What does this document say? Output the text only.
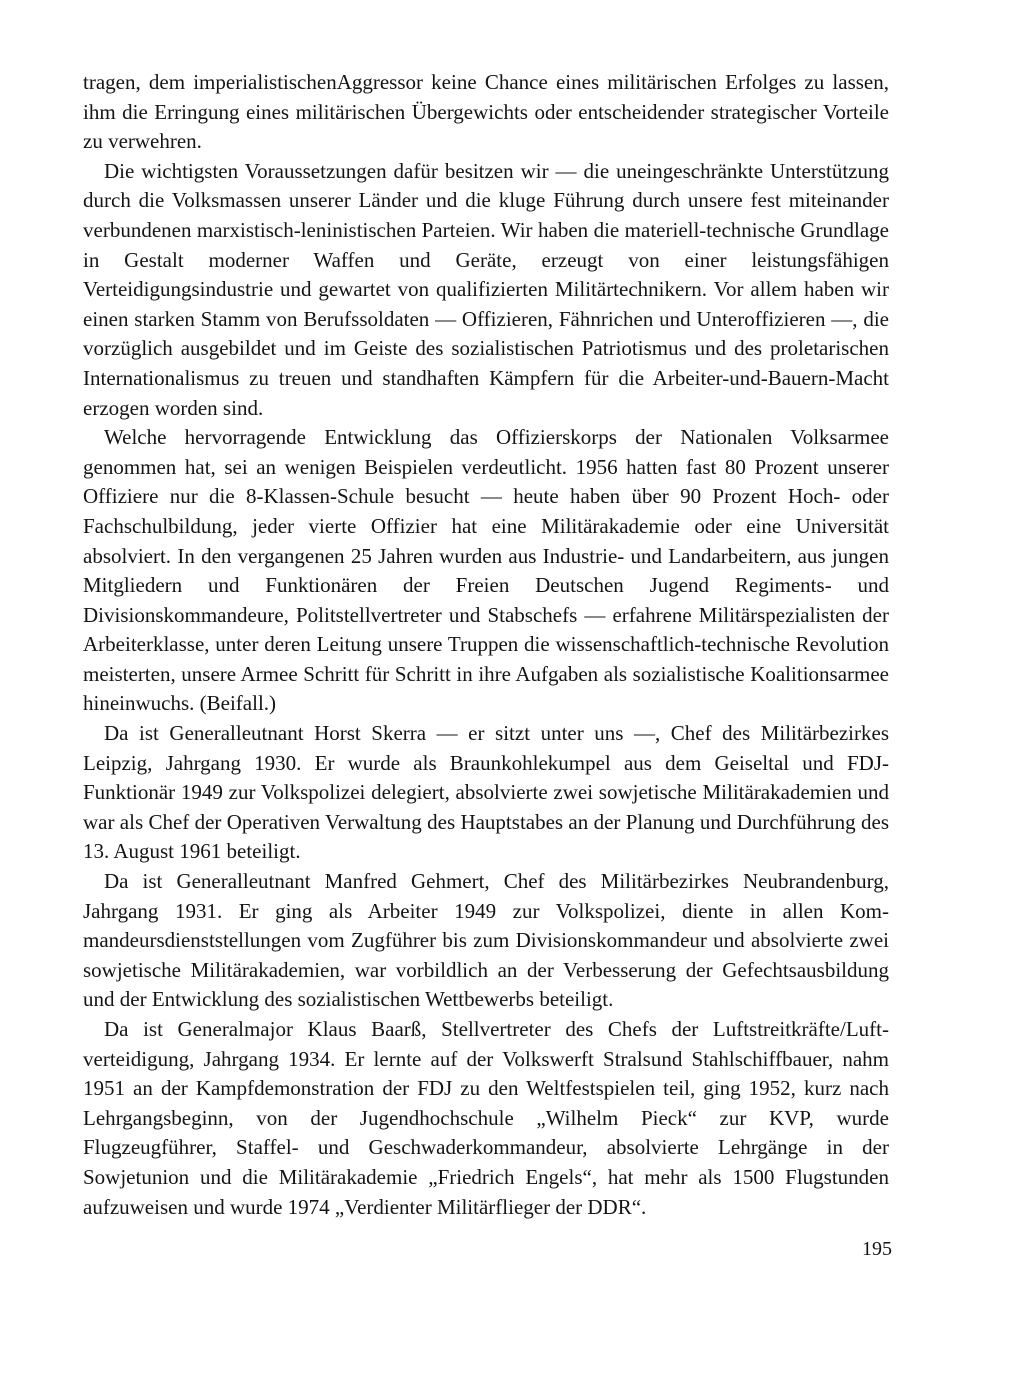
tragen, dem imperialistischenAggressor keine Chance eines militärischen Erfolges zu lassen, ihm die Erringung eines militärischen Übergewichts oder entscheidender strategischer Vorteile zu verwehren.

Die wichtigsten Voraussetzungen dafür besitzen wir — die uneingeschränkte Unterstützung durch die Volksmassen unserer Länder und die kluge Führung durch unsere fest miteinander verbundenen marxistisch-leninistischen Parteien. Wir haben die materiell-technische Grundlage in Gestalt moderner Waffen und Geräte, erzeugt von einer leistungsfähigen Verteidigungsindustrie und gewartet von qualifizierten Militärtechnikern. Vor allem haben wir einen starken Stamm von Berufssoldaten — Offizieren, Fähnrichen und Unteroffizieren —, die vorzüglich ausgebildet und im Geiste des sozialistischen Patriotismus und des proletarischen Internationalismus zu treuen und standhaften Kämpfern für die Arbeiter-und-Bauern-Macht erzogen worden sind.

Welche hervorragende Entwicklung das Offizierskorps der Nationalen Volksarmee genommen hat, sei an wenigen Beispielen verdeutlicht. 1956 hatten fast 80 Prozent unserer Offiziere nur die 8-Klassen-Schule besucht — heute haben über 90 Prozent Hoch- oder Fachschulbildung, jeder vierte Offizier hat eine Militärakademie oder eine Universität absolviert. In den vergangenen 25 Jahren wurden aus Industrie- und Landarbeitern, aus jungen Mitgliedern und Funktionären der Freien Deutschen Jugend Regiments- und Divisionskommandeure, Politstellvertreter und Stabschefs — erfahrene Militärspezialisten der Arbeiterklasse, unter deren Leitung unsere Truppen die wissenschaftlich-technische Revolution meisterten, unsere Armee Schritt für Schritt in ihre Aufgaben als sozialistische Koalitionsarmee hineinwuchs. (Beifall.)

Da ist Generalleutnant Horst Skerra — er sitzt unter uns —, Chef des Militärbezirkes Leipzig, Jahrgang 1930. Er wurde als Braunkohlekumpel aus dem Geiseltal und FDJ-Funktionär 1949 zur Volkspolizei delegiert, absolvierte zwei sowjetische Militärakademien und war als Chef der Operativen Verwaltung des Hauptstabes an der Planung und Durchführung des 13. August 1961 beteiligt.

Da ist Generalleutnant Manfred Gehmert, Chef des Militärbezirkes Neubrandenburg, Jahrgang 1931. Er ging als Arbeiter 1949 zur Volkspolizei, diente in allen Kommandeursdienststellungen vom Zugführer bis zum Divisionskommandeur und absolvierte zwei sowjetische Militärakademien, war vorbildlich an der Verbesserung der Gefechtsausbildung und der Entwicklung des sozialistischen Wettbewerbs beteiligt.

Da ist Generalmajor Klaus Baarß, Stellvertreter des Chefs der Luftstreitkräfte/Luftverteidigung, Jahrgang 1934. Er lernte auf der Volkswerft Stralsund Stahlschiffbauer, nahm 1951 an der Kampfdemonstration der FDJ zu den Weltfestspielen teil, ging 1952, kurz nach Lehrgangsbeginn, von der Jugendhochschule „Wilhelm Pieck“ zur KVP, wurde Flugzeugführer, Staffel- und Geschwaderkommandeur, absolvierte Lehrgänge in der Sowjetunion und die Militärakademie „Friedrich Engels“, hat mehr als 1500 Flugstunden aufzuweisen und wurde 1974 „Verdienter Militärflieger der DDR“.

195
